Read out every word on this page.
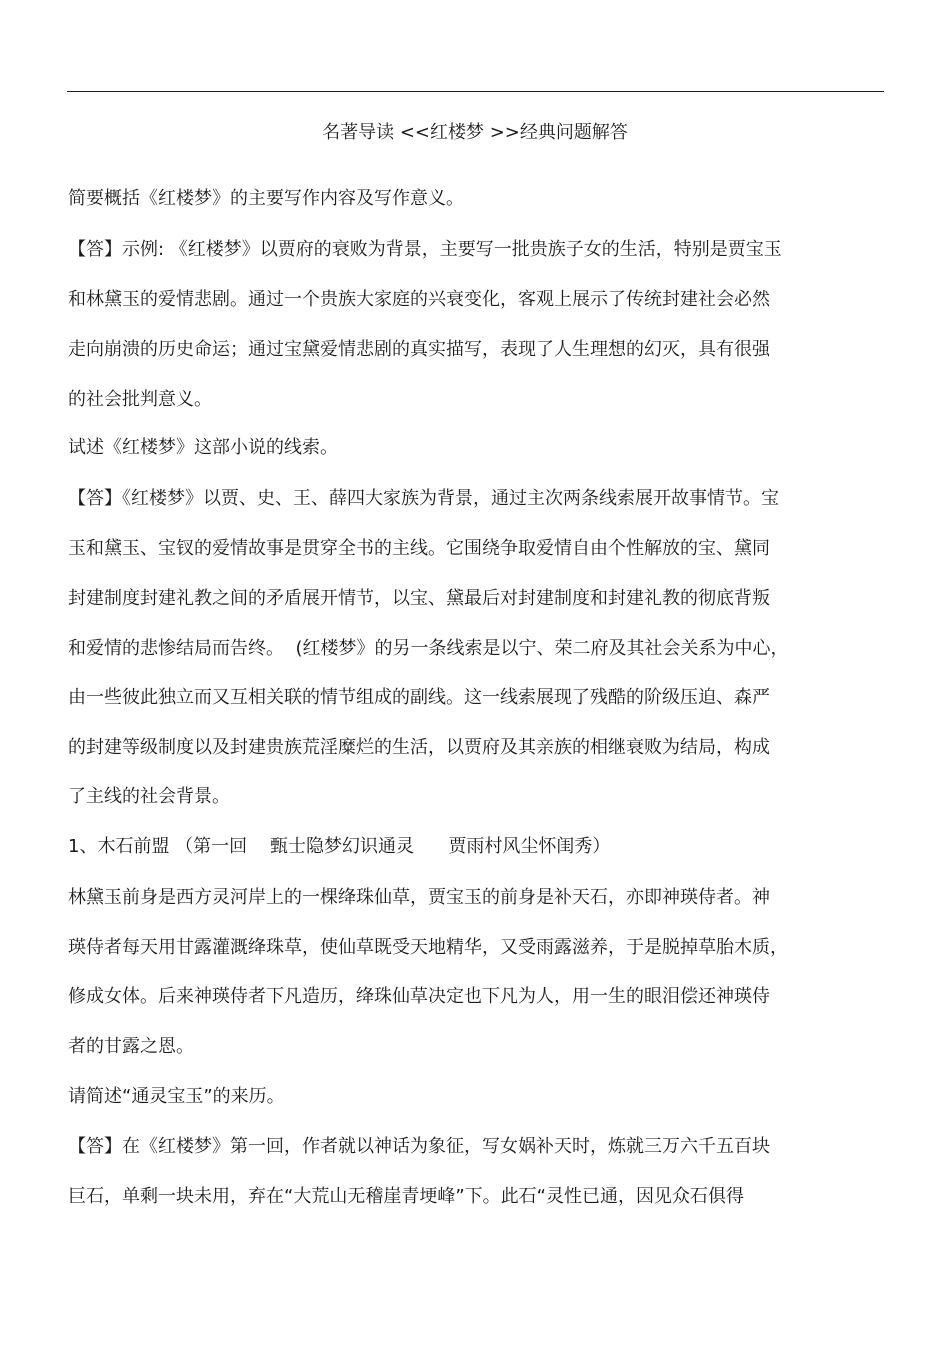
名著导读 <<红楼梦 >>经典问题解答
简要概括《红楼梦》的主要写作内容及写作意义。
【答】示例: 《红楼梦》以贾府的衰败为背景，主要写一批贵族子女的生活，特别是贾宝玉
和林黛玉的爱情悲剧。通过一个贵族大家庭的兴衰变化，客观上展示了传统封建社会必然
走向崩溃的历史命运；通过宝黛爱情悲剧的真实描写，表现了人生理想的幻灭，具有很强
的社会批判意义。
试述《红楼梦》这部小说的线索。
【答】《红楼梦》以贾、史、王、薛四大家族为背景，通过主次两条线索展开故事情节。宝
玉和黛玉、宝钗的爱情故事是贯穿全书的主线。它围绕争取爱情自由个性解放的宝、黛同
封建制度封建礼教之间的矛盾展开情节，以宝、黛最后对封建制度和封建礼教的彻底背叛
和爱情的悲惨结局而告终。  (红楼梦》的另一条线索是以宁、荣二府及其社会关系为中心，
由一些彼此独立而又互相关联的情节组成的副线。这一线索展现了残酷的阶级压迫、森严
的封建等级制度以及封建贵族荒淫糜烂的生活，以贾府及其亲族的相继衰败为结局，构成
了主线的社会背景。
1、木石前盟 （第一回    甄士隐梦幻识通灵      贾雨村风尘怀闺秀）
林黛玉前身是西方灵河岸上的一棵绛珠仙草，贾宝玉的前身是补天石，亦即神瑛侍者。神
瑛侍者每天用甘露灌溉绛珠草，使仙草既受天地精华，又受雨露滋养，于是脱掉草胎木质，
修成女体。后来神瑛侍者下凡造历，绛珠仙草决定也下凡为人，用一生的眼泪偿还神瑛侍
者的甘露之恩。
请简述“通灵宝玉”的来历。
【答】在《红楼梦》第一回，作者就以神话为象征，写女娲补天时，炼就三万六千五百块
巨石，单剩一块未用，弃在“大荒山无稽崖青埂峰”下。此石“灵性已通，因见众石俱得
